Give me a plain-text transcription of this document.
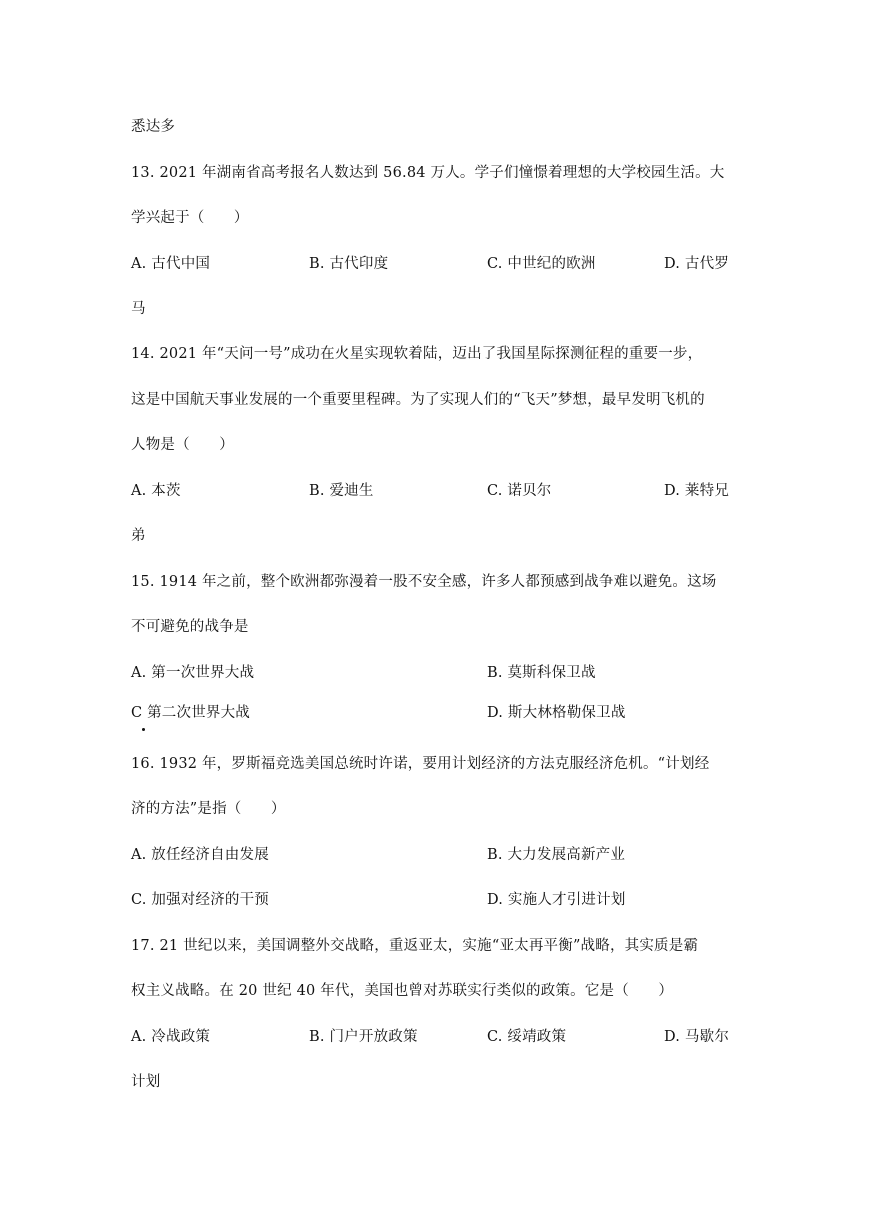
悉达多
13. 2021 年湖南省高考报名人数达到 56.84 万人。学子们憧憬着理想的大学校园生活。大
学兴起于（　　）
A. 古代中国	B. 古代印度	C. 中世纪的欧洲	D. 古代罗
马
14. 2021 年“天问一号”成功在火星实现软着陆，迈出了我国星际探测征程的重要一步，
这是中国航天事业发展的一个重要里程碑。为了实现人们的“飞天”梦想，最早发明飞机的
人物是（　　）
A. 本茨	B. 爱迪生	C. 诺贝尔	D. 莱特兄
弟
15. 1914 年之前，整个欧洲都弥漫着一股不安全感，许多人都预感到战争难以避免。这场
不可避免的战争是
A. 第一次世界大战	B. 莫斯科保卫战
C 第二次世界大战	D. 斯大林格勒保卫战
16. 1932 年，罗斯福竞选美国总统时许诺，要用计划经济的方法克服经济危机。“计划经
济的方法”是指（　　）
A. 放任经济自由发展	B. 大力发展高新产业
C. 加强对经济的干预	D. 实施人才引进计划
17. 21 世纪以来，美国调整外交战略，重返亚太，实施“亚太再平衡”战略，其实质是霸
权主义战略。在 20 世纪 40 年代，美国也曾对苏联实行类似的政策。它是（　　）
A. 冷战政策	B. 门户开放政策	C. 绥靖政策	D. 马歇尔
计划
